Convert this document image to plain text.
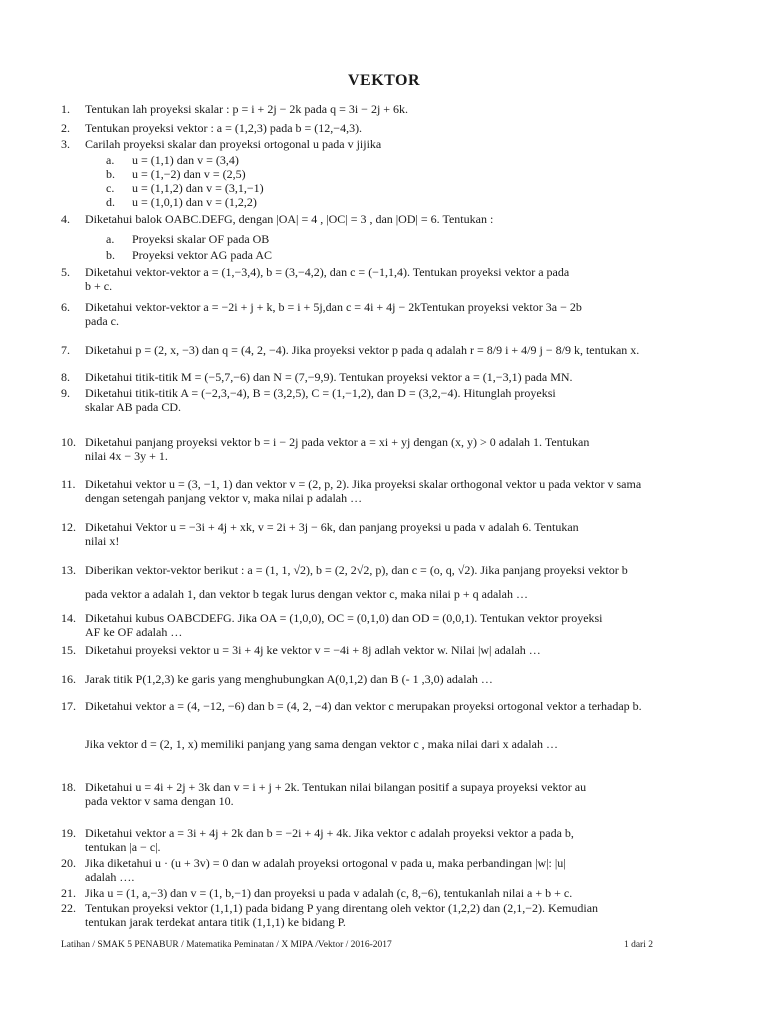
VEKTOR
1.	Tentukan lah proyeksi skalar : p = i + 2j − 2k pada q = 3i − 2j + 6k.
2.	Tentukan proyeksi vektor : a = (1,2,3) pada b = (12,−4,3).
3.	Carilah proyeksi skalar dan proyeksi ortogonal u pada v jijika
a.	u = (1,1) dan v = (3,4)
b.	u = (1,−2) dan v = (2,5)
c.	u = (1,1,2) dan v = (3,1,−1)
d.	u = (1,0,1) dan v = (1,2,2)
4.	Diketahui balok OABC.DEFG, dengan |OA| = 4 , |OC| = 3 , dan |OD| = 6. Tentukan :
a.	Proyeksi skalar OF pada OB
b.	Proyeksi vektor AG pada AC
5.	Diketahui vektor-vektor a = (1,−3,4), b = (3,−4,2), dan c = (−1,1,4). Tentukan proyeksi vektor a pada
b + c.
6.	Diketahui vektor-vektor a = −2i + j + k, b = i + 5j,dan c = 4i + 4j − 2kTentukan proyeksi vektor 3a − 2b
pada c.
7.	Diketahui p = (2, x, −3) dan q = (4, 2, −4). Jika proyeksi vektor p pada q adalah r = 8/9 i + 4/9 j − 8/9 k, tentukan x.
8.	Diketahui titik-titik M = (−5,7,−6) dan N = (7,−9,9). Tentukan proyeksi vektor a = (1,−3,1) pada MN.
9.	Diketahui titik-titik A = (−2,3,−4), B = (3,2,5), C = (1,−1,2), dan D = (3,2,−4). Hitunglah proyeksi
skalar AB pada CD.
10. Diketahui panjang proyeksi vektor b = i − 2j pada vektor a = xi + yj dengan (x, y) > 0 adalah 1. Tentukan
nilai 4x − 3y + 1.
11. Diketahui vektor u = (3, −1, 1) dan vektor v = (2, p, 2). Jika proyeksi skalar orthogonal vektor u pada vektor v sama
dengan setengah panjang vektor v, maka nilai p adalah …
12. Diketahui Vektor u = −3i + 4j + xk, v = 2i + 3j − 6k, dan panjang proyeksi u pada v adalah 6. Tentukan
nilai x!
13. Diberikan vektor-vektor berikut : a = (1, 1, √2), b = (2, 2√2, p), dan c = (o, q, √2). Jika panjang proyeksi vektor b
pada vektor a adalah 1, dan vektor b tegak lurus dengan vektor c, maka nilai p + q adalah …
14. Diketahui kubus OABCDEFG. Jika OA = (1,0,0), OC = (0,1,0) dan OD = (0,0,1). Tentukan vektor proyeksi
AF ke OF adalah …
15. Diketahui proyeksi vektor u = 3i + 4j ke vektor v = −4i + 8j adlah vektor w. Nilai |w| adalah …
16. Jarak titik P(1,2,3) ke garis yang menghubungkan A(0,1,2) dan B (- 1 ,3,0) adalah …
17. Diketahui vektor a = (4, −12, −6) dan b = (4, 2, −4) dan vektor c merupakan proyeksi ortogonal vektor a terhadap b.
Jika vektor d = (2, 1, x) memiliki panjang yang sama dengan vektor c , maka nilai dari x adalah …
18. Diketahui u = 4i + 2j + 3k dan v = i + j + 2k. Tentukan nilai bilangan positif a supaya proyeksi vektor au
pada vektor v sama dengan 10.
19. Diketahui vektor a = 3i + 4j + 2k dan b = −2i + 4j + 4k. Jika vektor c adalah proyeksi vektor a pada b,
tentukan |a − c|.
20. Jika diketahui u · (u + 3v) = 0 dan w adalah proyeksi ortogonal v pada u, maka perbandingan |w|: |u|
adalah ….
21. Jika u = (1, a,−3) dan v = (1, b,−1) dan proyeksi u pada v adalah (c, 8,−6), tentukanlah nilai a + b + c.
22. Tentukan proyeksi vektor (1,1,1) pada bidang P yang direntang oleh vektor (1,2,2) dan (2,1,−2). Kemudian
tentukan jarak terdekat antara titik (1,1,1) ke bidang P.
Latihan / SMAK 5 PENABUR / Matematika Peminatan / X MIPA /Vektor / 2016-2017	1 dari 2
